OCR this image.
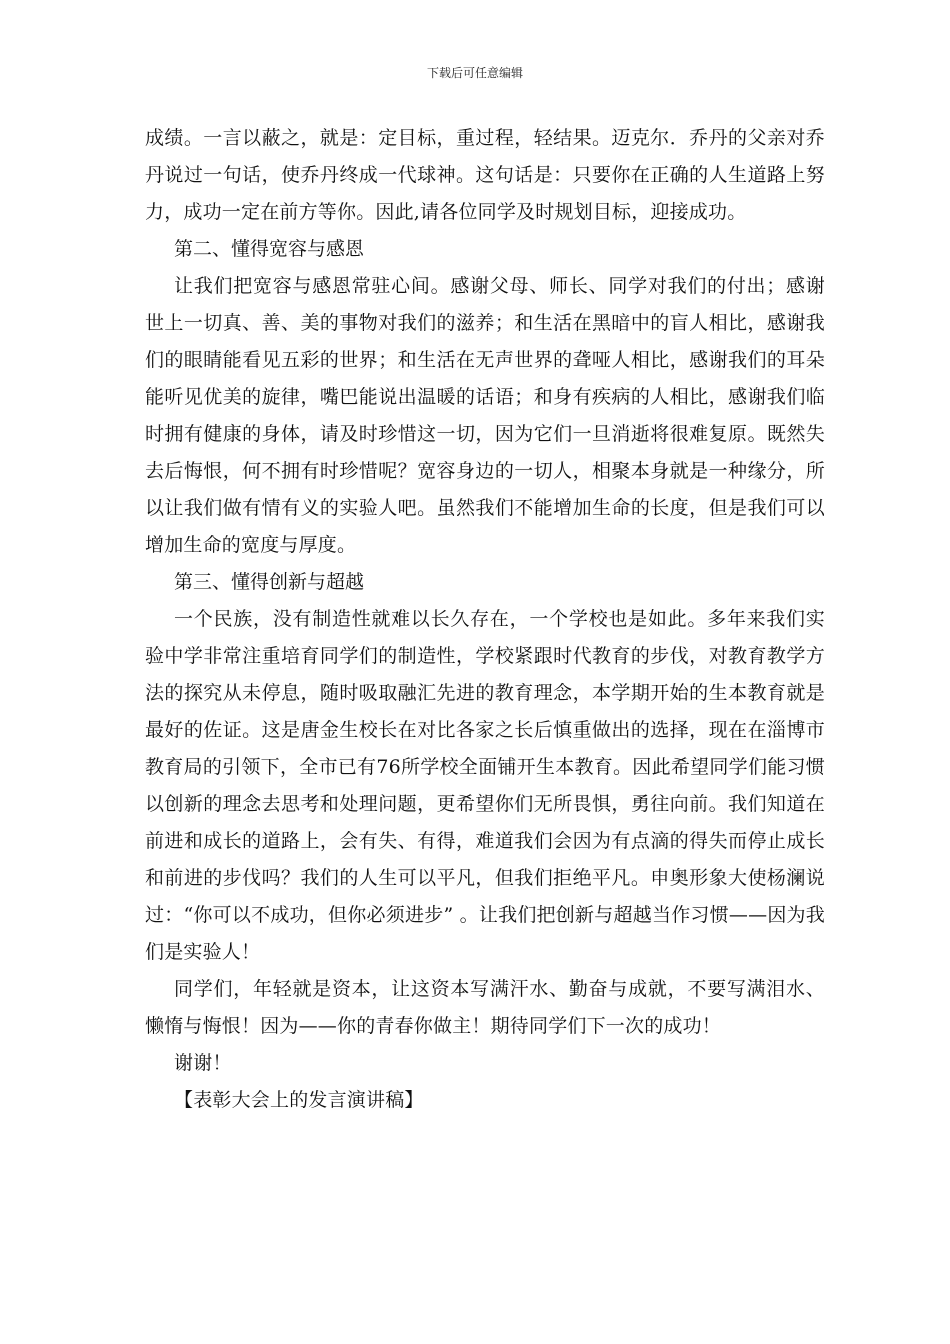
下载后可任意编辑

成绩。一言以蔽之，就是：定目标，重过程，轻结果。迈克尔．乔丹的父亲对乔丹说过一句话，使乔丹终成一代球神。这句话是：只要你在正确的人生道路上努力，成功一定在前方等你。因此,请各位同学及时规划目标，迎接成功。

第二、懂得宽容与感恩

让我们把宽容与感恩常驻心间。感谢父母、师长、同学对我们的付出；感谢世上一切真、善、美的事物对我们的滋养；和生活在黑暗中的盲人相比，感谢我们的眼睛能看见五彩的世界；和生活在无声世界的聋哑人相比，感谢我们的耳朵能听见优美的旋律，嘴巴能说出温暖的话语；和身有疾病的人相比，感谢我们临时拥有健康的身体，请及时珍惜这一切，因为它们一旦消逝将很难复原。既然失去后悔恨，何不拥有时珍惜呢？宽容身边的一切人，相聚本身就是一种缘分，所以让我们做有情有义的实验人吧。虽然我们不能增加生命的长度，但是我们可以增加生命的宽度与厚度。

第三、懂得创新与超越

一个民族，没有制造性就难以长久存在，一个学校也是如此。多年来我们实验中学非常注重培育同学们的制造性，学校紧跟时代教育的步伐，对教育教学方法的探究从未停息，随时吸取融汇先进的教育理念，本学期开始的生本教育就是最好的佐证。这是唐金生校长在对比各家之长后慎重做出的选择，现在在淄博市教育局的引领下，全市已有76所学校全面铺开生本教育。因此希望同学们能习惯以创新的理念去思考和处理问题，更希望你们无所畏惧，勇往向前。我们知道在前进和成长的道路上，会有失、有得，难道我们会因为有点滴的得失而停止成长和前进的步伐吗？我们的人生可以平凡，但我们拒绝平凡。申奥形象大使杨澜说过：“你可以不成功，但你必须进步” 。让我们把创新与超越当作习惯——因为我们是实验人！

同学们，年轻就是资本，让这资本写满汗水、勤奋与成就，不要写满泪水、懒惰与悔恨！因为——你的青春你做主！期待同学们下一次的成功！

谢谢！

【表彰大会上的发言演讲稿】
